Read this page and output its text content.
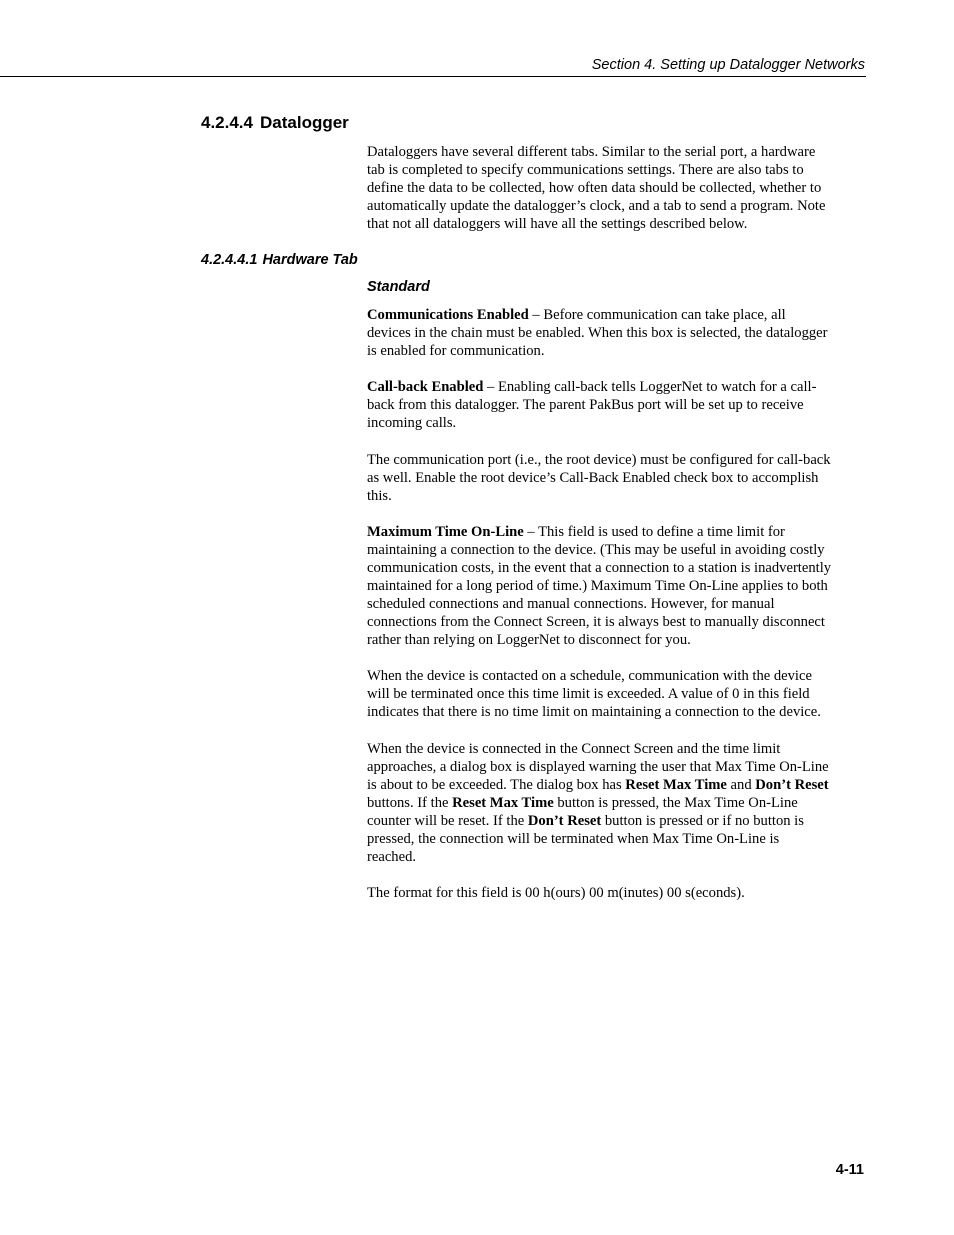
Section 4. Setting up Datalogger Networks
4.2.4.4 Datalogger
Dataloggers have several different tabs. Similar to the serial port, a hardware
tab is completed to specify communications settings. There are also tabs to
define the data to be collected, how often data should be collected, whether to
automatically update the datalogger’s clock, and a tab to send a program. Note
that not all dataloggers will have all the settings described below.
4.2.4.4.1 Hardware Tab
Standard
Communications Enabled – Before communication can take place, all
devices in the chain must be enabled. When this box is selected, the datalogger
is enabled for communication.
Call-back Enabled – Enabling call-back tells LoggerNet to watch for a call-
back from this datalogger. The parent PakBus port will be set up to receive
incoming calls.
The communication port (i.e., the root device) must be configured for call-back
as well. Enable the root device’s Call-Back Enabled check box to accomplish
this.
Maximum Time On-Line – This field is used to define a time limit for
maintaining a connection to the device. (This may be useful in avoiding costly
communication costs, in the event that a connection to a station is inadvertently
maintained for a long period of time.) Maximum Time On-Line applies to both
scheduled connections and manual connections. However, for manual
connections from the Connect Screen, it is always best to manually disconnect
rather than relying on LoggerNet to disconnect for you.
When the device is contacted on a schedule, communication with the device
will be terminated once this time limit is exceeded. A value of 0 in this field
indicates that there is no time limit on maintaining a connection to the device.
When the device is connected in the Connect Screen and the time limit
approaches, a dialog box is displayed warning the user that Max Time On-Line
is about to be exceeded. The dialog box has Reset Max Time and Don’t Reset
buttons. If the Reset Max Time button is pressed, the Max Time On-Line
counter will be reset. If the Don’t Reset button is pressed or if no button is
pressed, the connection will be terminated when Max Time On-Line is
reached.
The format for this field is 00 h(ours) 00 m(inutes) 00 s(econds).
4-11
